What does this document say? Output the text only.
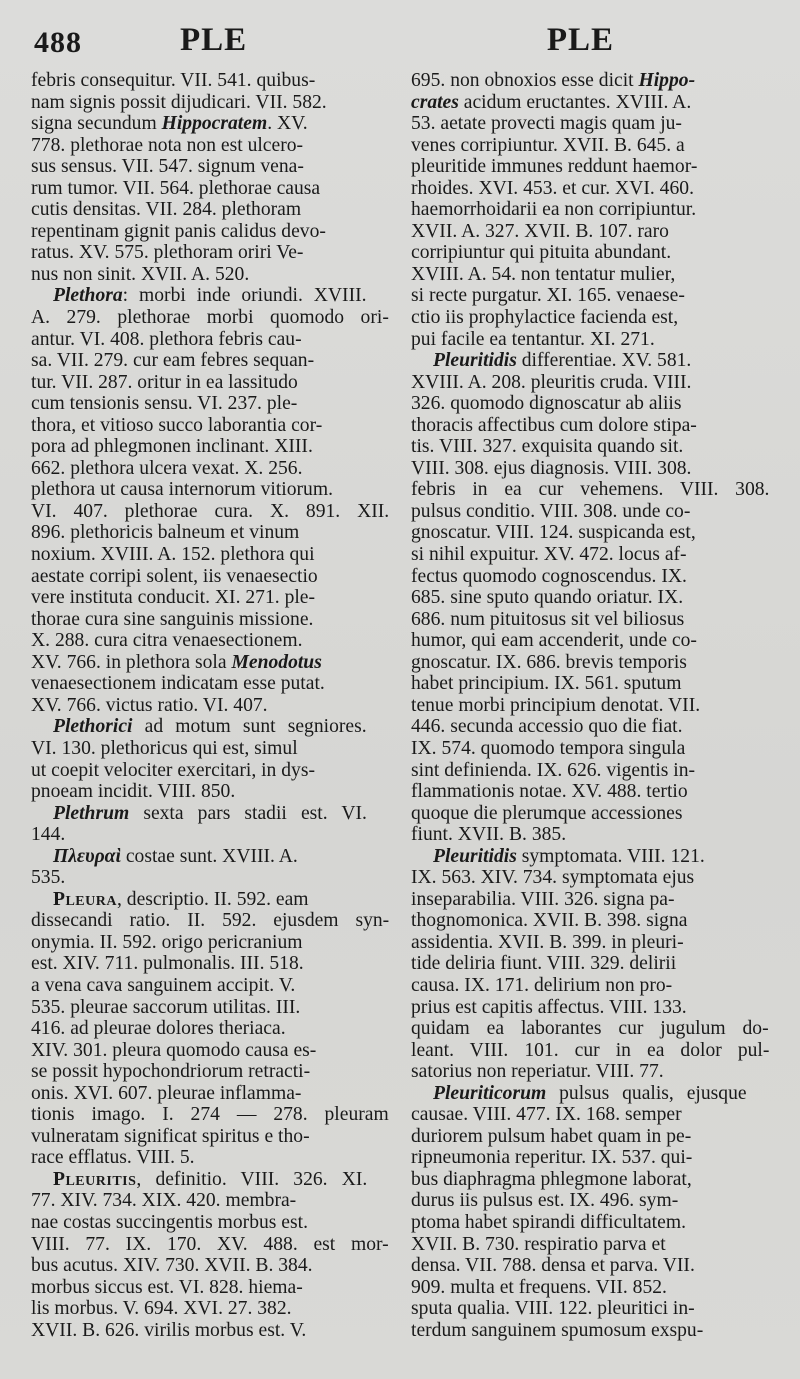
488	PLE	PLE
febris consequitur. VII. 541. quibus-
nam signis possit dijudicari. VII. 582.
signa secundum Hippocratem. XV.
778. plethorae nota non est ulcero-
sus sensus. VII. 547. signum vena-
rum tumor. VII. 564. plethorae causa
cutis densitas. VII. 284. plethoram
repentinam gignit panis calidus devo-
ratus. XV. 575. plethoram oriri Ve-
nus non sinit. XVII. A. 520.
Plethora: morbi inde oriundi. XVIII.
A. 279. plethorae morbi quomodo ori-
antur. VI. 408. plethora febris cau-
sa. VII. 279. cur eam febres sequan-
tur. VII. 287. oritur in ea lassitudo
cum tensionis sensu. VI. 237. ple-
thora, et vitioso succo laborantia cor-
pora ad phlegmonen inclinant. XIII.
662. plethora ulcera vexat. X. 256.
plethora ut causa internorum vitiorum.
VI. 407. plethorae cura. X. 891. XII.
896. plethoricis balneum et vinum
noxium. XVIII. A. 152. plethora qui
aestate corripi solent, iis venaesectio
vere instituta conducit. XI. 271. ple-
thorae cura sine sanguinis missione.
X. 288. cura citra venaesectionem.
XV. 766. in plethora sola Menodotus
venaesectionem indicatam esse putat.
XV. 766. victus ratio. VI. 407.
Plethorici ad motum sunt segniores.
VI. 130. plethoricus qui est, simul
ut coepit velociter exercitari, in dys-
pnoeam incidit. VIII. 850.
Plethrum sexta pars stadii est. VI.
144.
Πλευραὶ costae sunt. XVIII. A.
535.
Pleura, descriptio. II. 592. eam
dissecandi ratio. II. 592. ejusdem syn-
onymia. II. 592. origo pericranium
est. XIV. 711. pulmonalis. III. 518.
a vena cava sanguinem accipit. V.
535. pleurae saccorum utilitas. III.
416. ad pleurae dolores theriaca.
XIV. 301. pleura quomodo causa es-
se possit hypochondriorum retracti-
onis. XVI. 607. pleurae inflamma-
tionis imago. I. 274 — 278. pleuram
vulneratam significat spiritus e tho-
race efflatus. VIII. 5.
Pleuritis, definitio. VIII. 326. XI.
77. XIV. 734. XIX. 420. membra-
nae costas succingentis morbus est.
VIII. 77. IX. 170. XV. 488. est mor-
bus acutus. XIV. 730. XVII. B. 384.
morbus siccus est. VI. 828. hiema-
lis morbus. V. 694. XVI. 27. 382.
XVII. B. 626. virilis morbus est. V.
695. non obnoxios esse dicit Hippo-
crates acidum eructantes. XVIII. A.
53. aetate provecti magis quam ju-
venes corripiuntur. XVII. B. 645. a
pleuritide immunes reddunt haemor-
rhoides. XVI. 453. et cur. XVI. 460.
haemorrhoidarii ea non corripiuntur.
XVII. A. 327. XVII. B. 107. raro
corripiuntur qui pituita abundant.
XVIII. A. 54. non tentatur mulier,
si recte purgatur. XI. 165. venaese-
ctio iis prophylactice facienda est,
pui facile ea tentantur. XI. 271.
Pleuritidis differentiae. XV. 581.
XVIII. A. 208. pleuritis cruda. VIII.
326. quomodo dignoscatur ab aliis
thoracis affectibus cum dolore stipa-
tis. VIII. 327. exquisita quando sit.
VIII. 308. ejus diagnosis. VIII. 308.
febris in ea cur vehemens. VIII. 308.
pulsus conditio. VIII. 308. unde co-
gnoscatur. VIII. 124. suspicanda est,
si nihil expuitur. XV. 472. locus af-
fectus quomodo cognoscendus. IX.
685. sine sputo quando oriatur. IX.
686. num pituitosus sit vel biliosus
humor, qui eam accenderit, unde co-
gnoscatur. IX. 686. brevis temporis
habet principium. IX. 561. sputum
tenue morbi principium denotat. VII.
446. secunda accessio quo die fiat.
IX. 574. quomodo tempora singula
sint definienda. IX. 626. vigentis in-
flammationis notae. XV. 488. tertio
quoque die plerumque accessiones
fiunt. XVII. B. 385.
Pleuritidis symptomata. VIII. 121.
IX. 563. XIV. 734. symptomata ejus
inseparabilia. VIII. 326. signa pa-
thognomonica. XVII. B. 398. signa
assidentia. XVII. B. 399. in pleuri-
tide deliria fiunt. VIII. 329. delirii
causa. IX. 171. delirium non pro-
prius est capitis affectus. VIII. 133.
quidam ea laborantes cur jugulum do-
leant. VIII. 101. cur in ea dolor pul-
satorius non reperiatur. VIII. 77.
Pleuriticorum pulsus qualis, ejusque
causae. VIII. 477. IX. 168. semper
duriorem pulsum habet quam in pe-
ripneumonia reperitur. IX. 537. qui-
bus diaphragma phlegmone laborat,
durus iis pulsus est. IX. 496. sym-
ptoma habet spirandi difficultatem.
XVII. B. 730. respiratio parva et
densa. VII. 788. densa et parva. VII.
909. multa et frequens. VII. 852.
sputa qualia. VIII. 122. pleuritici in-
terdum sanguinem spumosum exspu-
